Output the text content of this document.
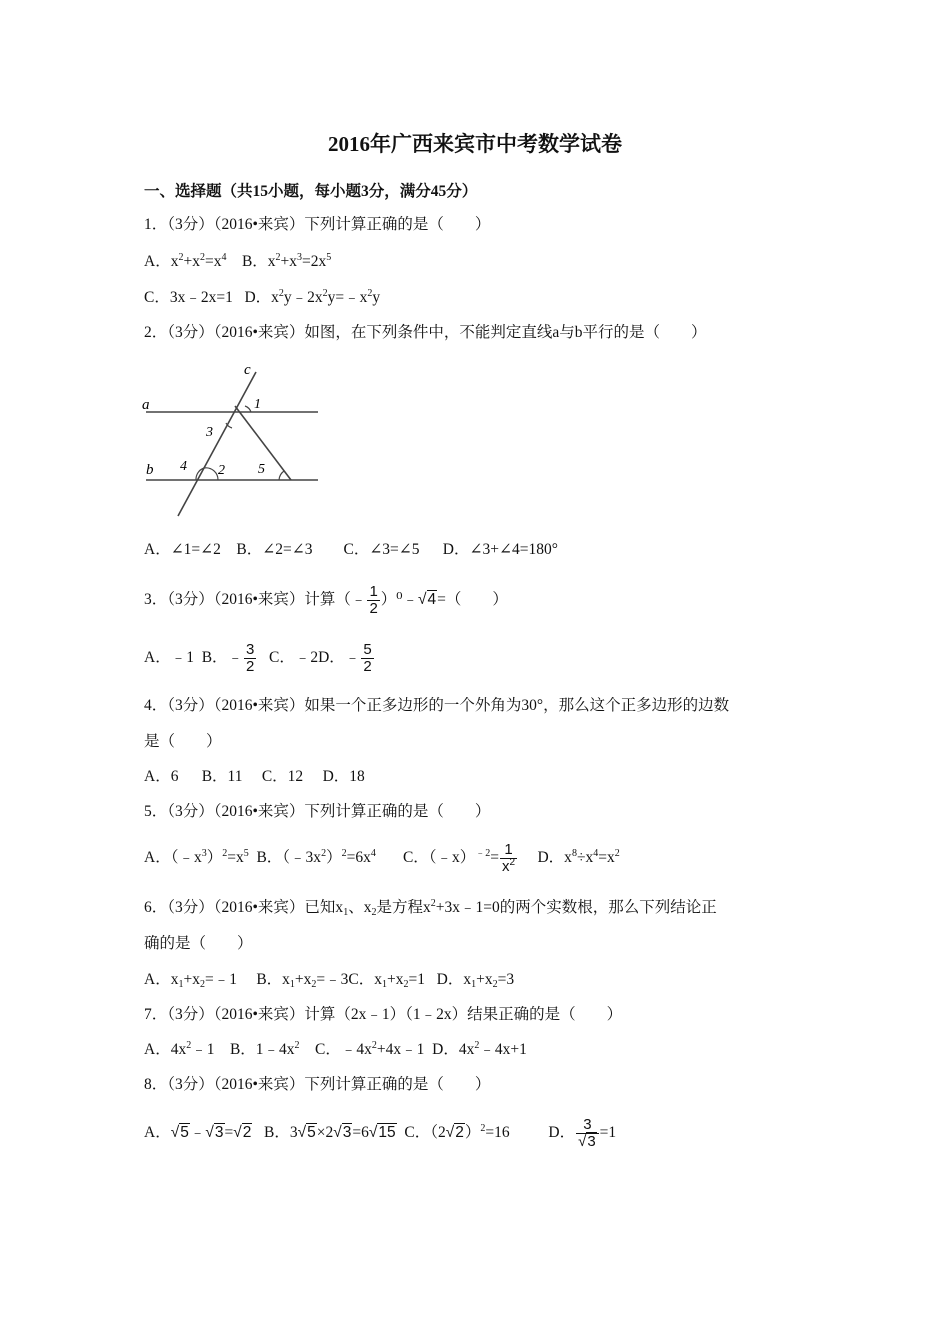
2016年广西来宾市中考数学试卷
一、选择题（共15小题，每小题3分，满分45分）
1．（3分）（2016•来宾）下列计算正确的是（　　）
A．$x^2+x^2=x^4$    B．$x^2+x^3=2x^5$
C．3x﹣2x=1   D．$x^2y﹣2x^2y=﹣x^2y$
2．（3分）（2016•来宾）如图，在下列条件中，不能判定直线a与b平行的是（　　）
c
a
b
1
2
3
4	5
A．∠1=∠2 B．∠2=∠3 C．∠3=∠5 D．∠3+∠4=180°
3．（3分）（2016•来宾）计算（﹣ $\frac{1}{2}$ ）⁰﹣√4=（　　）
A．﹣1  B．﹣ $\frac{3}{2}$ C．﹣2D．﹣ $\frac{5}{2}$
4．（3分）（2016•来宾）如果一个正多边形的一个外角为30°，那么这个正多边形的边数
是（　　）
A．6 B．11 C．12 D．18
5．（3分）（2016•来宾）下列计算正确的是（　　）
A．$(﹣x^3)^2=x^5$  B．$(﹣3x^2)^2=6x^4$       C．（﹣x）$^{﹣2}$= $\frac{1}{x^2}$ D．$x^8\div x^4=x^2$
6．（3分）（2016•来宾）已知$x_1$、$x_2$是方程$x^2+3x﹣1=0$的两个实数根，那么下列结论正
确的是（　　）
A．$x_1+x_2=﹣1$     B．$x_1+x_2=﹣3C$．$x_1+x_2=1$   D．$x_1+x_2=3$
7．（3分）（2016•来宾）计算（2x﹣1）（1﹣2x）结果正确的是（　　）
A．$4x^2﹣1$    B．$1﹣4x^2$    C．$﹣4x^2+4x﹣1$  D．$4x^2﹣4x+1$
8．（3分）（2016•来宾）下列计算正确的是（　　）
A．√5﹣√3=√2   B．3√5×2√3=6√15  C．$(2√2)^2=16$          D． $\frac{3}{√3} =1$
